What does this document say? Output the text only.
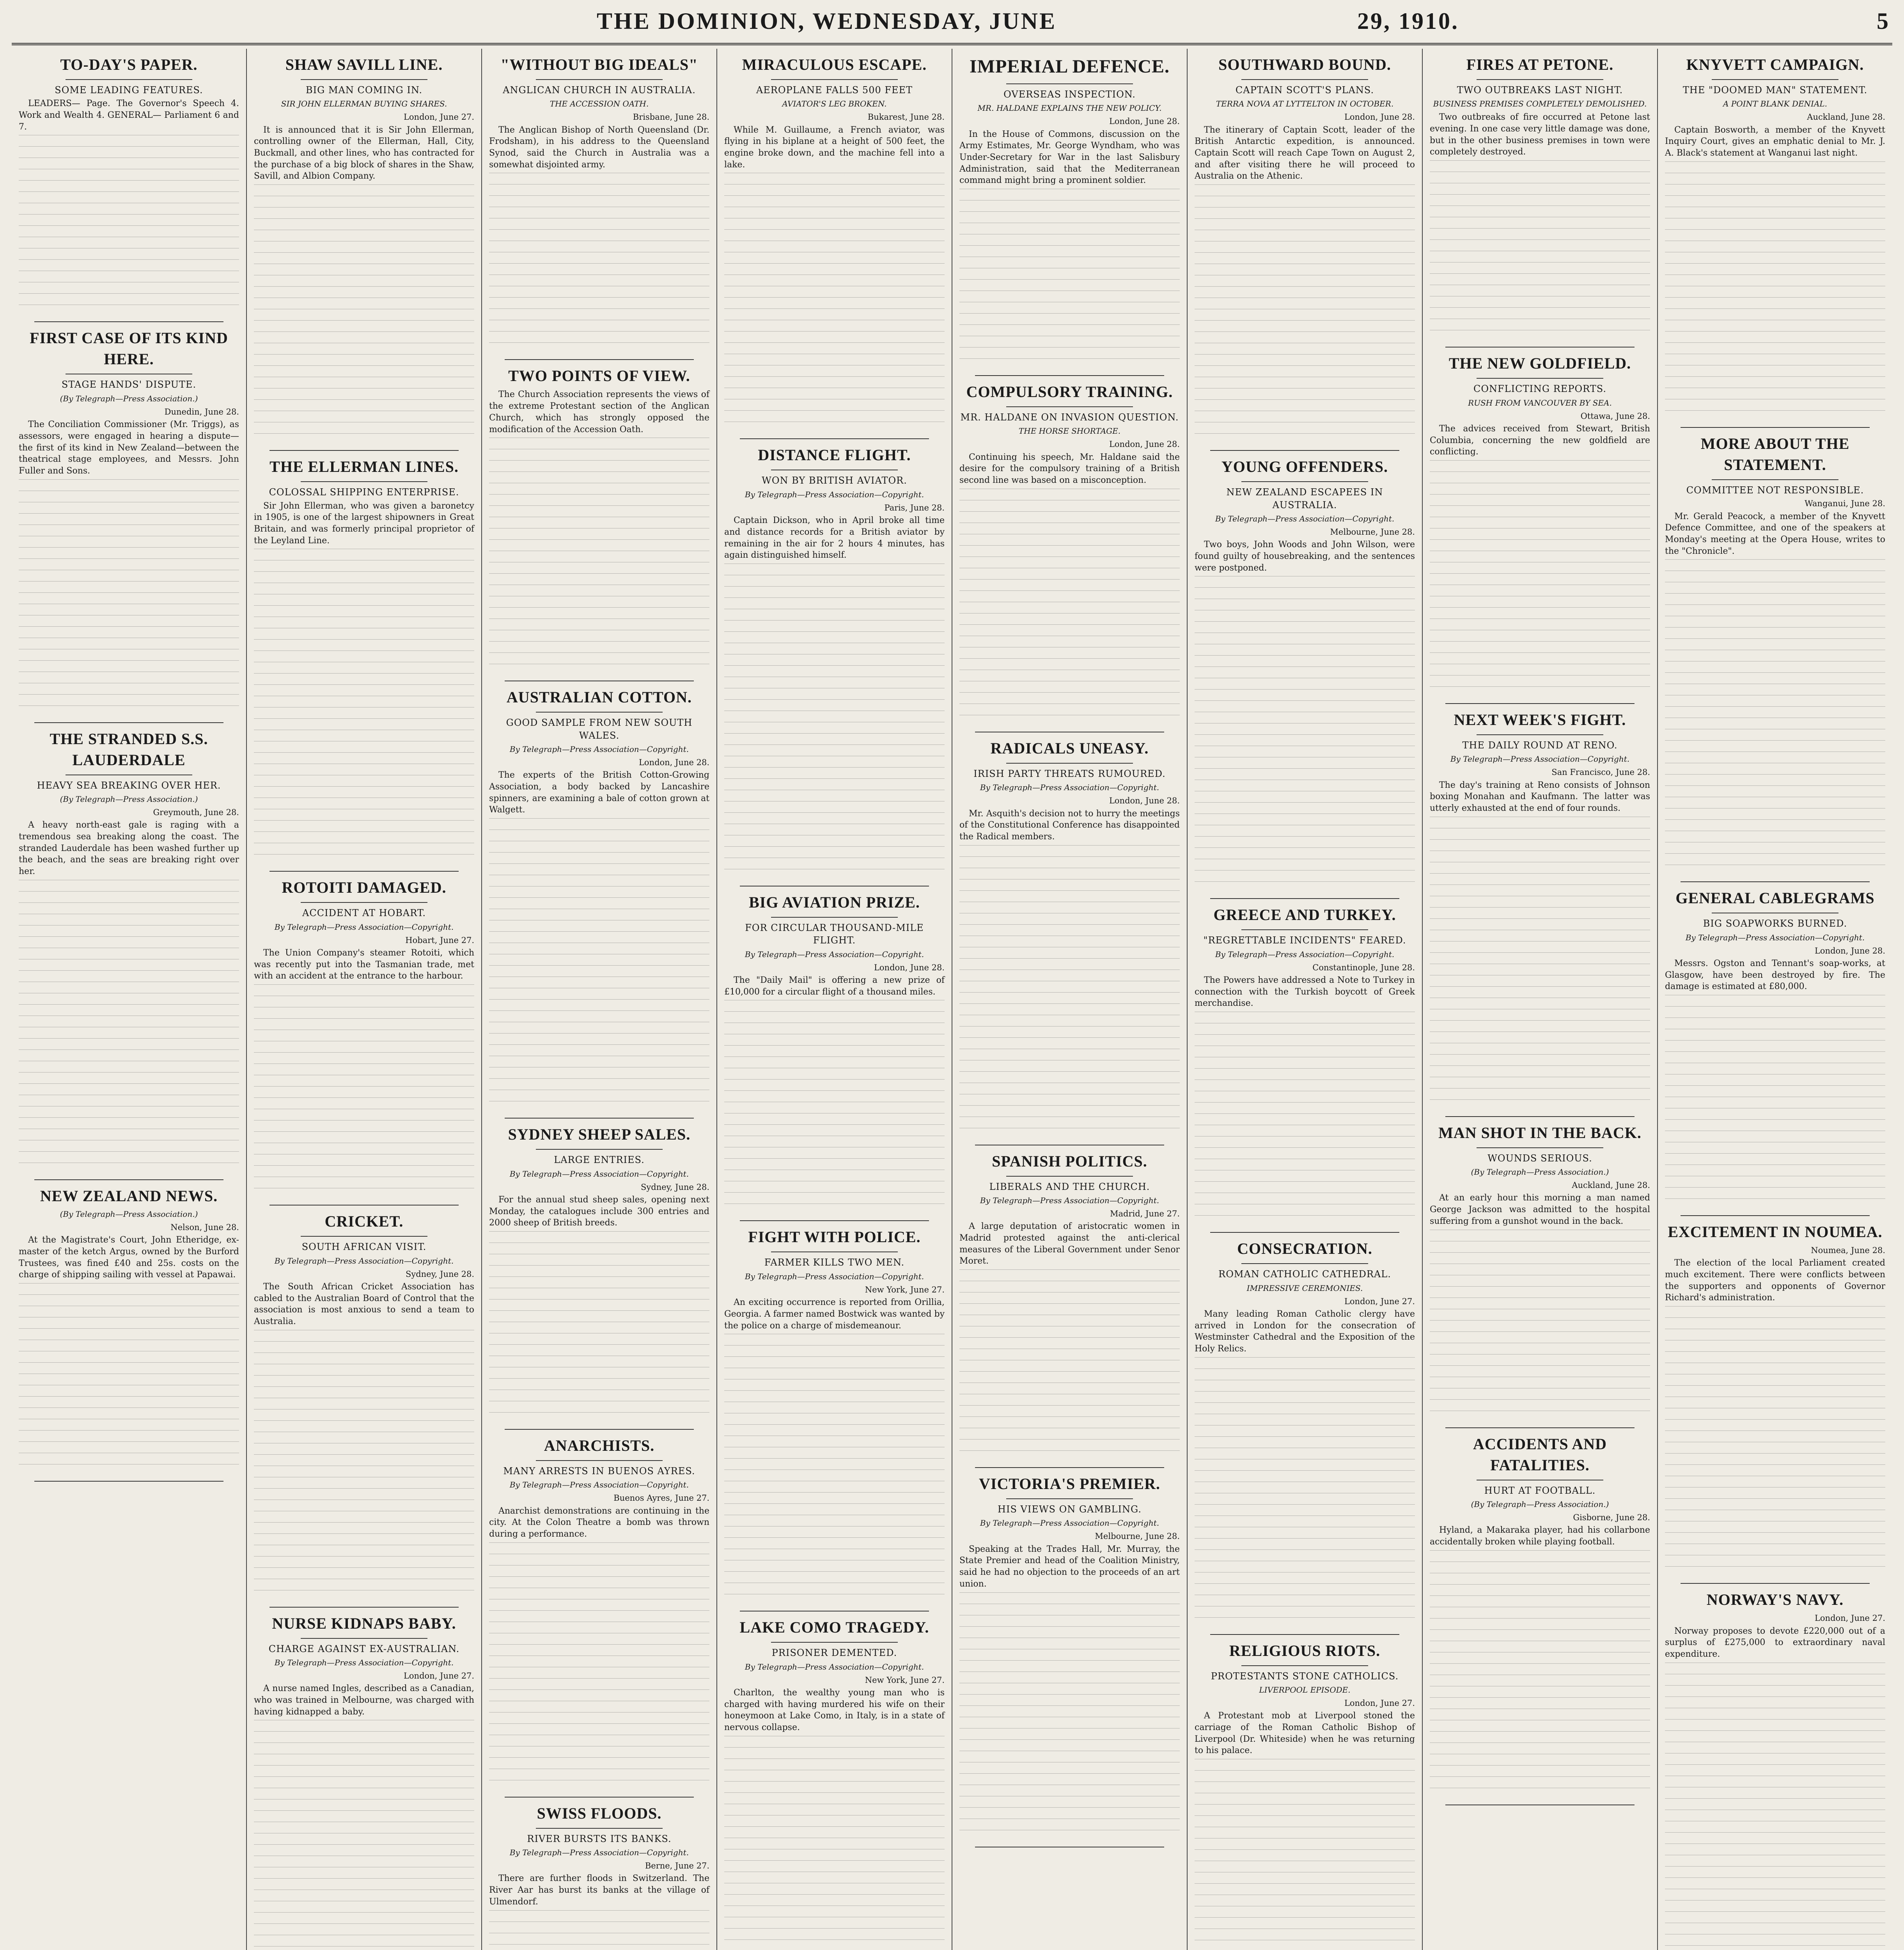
THE DOMINION, WEDNESDAY, JUNE	29, 1910.	5
TO-DAY'S PAPER.
SOME LEADING FEATURES.

LEADERS— Page. The Governor's Speech 4. Work and Wealth 4. GENERAL— Parliament 6 and 7.

FIRST CASE OF ITS KIND HERE.
STAGE HANDS' DISPUTE.
(By Telegraph—Press Association.)
Dunedin, June 28.

The Conciliation Commissioner (Mr. Triggs), as assessors, were engaged in hearing a dispute—the first of its kind in New Zealand—between the theatrical stage employees, and Messrs. John Fuller and Sons.

THE STRANDED S.S. LAUDERDALE
HEAVY SEA BREAKING OVER HER.
(By Telegraph—Press Association.)
Greymouth, June 28.

A heavy north-east gale is raging with a tremendous sea breaking along the coast. The stranded Lauderdale has been washed further up the beach, and the seas are breaking right over her.

NEW ZEALAND NEWS.
(By Telegraph—Press Association.)
Nelson, June 28.

At the Magistrate's Court, John Etheridge, ex-master of the ketch Argus, owned by the Burford Trustees, was fined £40 and 25s. costs on the charge of shipping sailing with vessel at Papawai.

SHAW SAVILL LINE.
BIG MAN COMING IN.
SIR JOHN ELLERMAN BUYING SHARES.
London, June 27.

It is announced that it is Sir John Ellerman, controlling owner of the Ellerman, Hall, City, Buckmall, and other lines, who has contracted for the purchase of a big block of shares in the Shaw, Savill, and Albion Company.

THE ELLERMAN LINES.
COLOSSAL SHIPPING ENTERPRISE.

Sir John Ellerman, who was given a baronetcy in 1905, is one of the largest shipowners in Great Britain, and was formerly principal proprietor of the Leyland Line.

ROTOITI DAMAGED.
ACCIDENT AT HOBART.
By Telegraph—Press Association—Copyright.
Hobart, June 27.

The Union Company's steamer Rotoiti, which was recently put into the Tasmanian trade, met with an accident at the entrance to the harbour.

CRICKET.
SOUTH AFRICAN VISIT.
By Telegraph—Press Association—Copyright.
Sydney, June 28.

The South African Cricket Association has cabled to the Australian Board of Control that the association is most anxious to send a team to Australia.

NURSE KIDNAPS BABY.
CHARGE AGAINST EX-AUSTRALIAN.
By Telegraph—Press Association—Copyright.
London, June 27.

A nurse named Ingles, described as a Canadian, who was trained in Melbourne, was charged with having kidnapped a baby.

"WITHOUT BIG IDEALS"
ANGLICAN CHURCH IN AUSTRALIA.
THE ACCESSION OATH.
Brisbane, June 28.

The Anglican Bishop of North Queensland (Dr. Frodsham), in his address to the Queensland Synod, said the Church in Australia was a somewhat disjointed army.

TWO POINTS OF VIEW.

The Church Association represents the views of the extreme Protestant section of the Anglican Church, which has strongly opposed the modification of the Accession Oath.

AUSTRALIAN COTTON.
GOOD SAMPLE FROM NEW SOUTH WALES.
By Telegraph—Press Association—Copyright.
London, June 28.

The experts of the British Cotton-Growing Association, a body backed by Lancashire spinners, are examining a bale of cotton grown at Walgett.

SYDNEY SHEEP SALES.
LARGE ENTRIES.
By Telegraph—Press Association—Copyright.
Sydney, June 28.

For the annual stud sheep sales, opening next Monday, the catalogues include 300 entries and 2000 sheep of British breeds.

ANARCHISTS.
MANY ARRESTS IN BUENOS AYRES.
By Telegraph—Press Association—Copyright.
Buenos Ayres, June 27.

Anarchist demonstrations are continuing in the city. At the Colon Theatre a bomb was thrown during a performance.

SWISS FLOODS.
RIVER BURSTS ITS BANKS.
By Telegraph—Press Association—Copyright.
Berne, June 27.

There are further floods in Switzerland. The River Aar has burst its banks at the village of Ulmendorf.

MIRACULOUS ESCAPE.
AEROPLANE FALLS 500 FEET
AVIATOR'S LEG BROKEN.
Bukarest, June 28.

While M. Guillaume, a French aviator, was flying in his biplane at a height of 500 feet, the engine broke down, and the machine fell into a lake.

DISTANCE FLIGHT.
WON BY BRITISH AVIATOR.
By Telegraph—Press Association—Copyright.
Paris, June 28.

Captain Dickson, who in April broke all time and distance records for a British aviator by remaining in the air for 2 hours 4 minutes, has again distinguished himself.

BIG AVIATION PRIZE.
FOR CIRCULAR THOUSAND-MILE FLIGHT.
By Telegraph—Press Association—Copyright.
London, June 28.

The "Daily Mail" is offering a new prize of £10,000 for a circular flight of a thousand miles.

FIGHT WITH POLICE.
FARMER KILLS TWO MEN.
By Telegraph—Press Association—Copyright.
New York, June 27.

An exciting occurrence is reported from Orillia, Georgia. A farmer named Bostwick was wanted by the police on a charge of misdemeanour.

LAKE COMO TRAGEDY.
PRISONER DEMENTED.
By Telegraph—Press Association—Copyright.
New York, June 27.

Charlton, the wealthy young man who is charged with having murdered his wife on their honeymoon at Lake Como, in Italy, is in a state of nervous collapse.

IMPERIAL DEFENCE.
OVERSEAS INSPECTION.
MR. HALDANE EXPLAINS THE NEW POLICY.
London, June 28.

In the House of Commons, discussion on the Army Estimates, Mr. George Wyndham, who was Under-Secretary for War in the last Salisbury Administration, said that the Mediterranean command might bring a prominent soldier.

COMPULSORY TRAINING.
MR. HALDANE ON INVASION QUESTION.
THE HORSE SHORTAGE.
London, June 28.

Continuing his speech, Mr. Haldane said the desire for the compulsory training of a British second line was based on a misconception.

RADICALS UNEASY.
IRISH PARTY THREATS RUMOURED.
By Telegraph—Press Association—Copyright.
London, June 28.

Mr. Asquith's decision not to hurry the meetings of the Constitutional Conference has disappointed the Radical members.

SPANISH POLITICS.
LIBERALS AND THE CHURCH.
By Telegraph—Press Association—Copyright.
Madrid, June 27.

A large deputation of aristocratic women in Madrid protested against the anti-clerical measures of the Liberal Government under Senor Moret.

VICTORIA'S PREMIER.
HIS VIEWS ON GAMBLING.
By Telegraph—Press Association—Copyright.
Melbourne, June 28.

Speaking at the Trades Hall, Mr. Murray, the State Premier and head of the Coalition Ministry, said he had no objection to the proceeds of an art union.

SOUTHWARD BOUND.
CAPTAIN SCOTT'S PLANS.
TERRA NOVA AT LYTTELTON IN OCTOBER.
London, June 28.

The itinerary of Captain Scott, leader of the British Antarctic expedition, is announced. Captain Scott will reach Cape Town on August 2, and after visiting there he will proceed to Australia on the Athenic.

YOUNG OFFENDERS.
NEW ZEALAND ESCAPEES IN AUSTRALIA.
By Telegraph—Press Association—Copyright.
Melbourne, June 28.

Two boys, John Woods and John Wilson, were found guilty of housebreaking, and the sentences were postponed.

GREECE AND TURKEY.
"REGRETTABLE INCIDENTS" FEARED.
By Telegraph—Press Association—Copyright.
Constantinople, June 28.

The Powers have addressed a Note to Turkey in connection with the Turkish boycott of Greek merchandise.

CONSECRATION.
ROMAN CATHOLIC CATHEDRAL.
IMPRESSIVE CEREMONIES.
London, June 27.

Many leading Roman Catholic clergy have arrived in London for the consecration of Westminster Cathedral and the Exposition of the Holy Relics.

RELIGIOUS RIOTS.
PROTESTANTS STONE CATHOLICS.
LIVERPOOL EPISODE.
London, June 27.

A Protestant mob at Liverpool stoned the carriage of the Roman Catholic Bishop of Liverpool (Dr. Whiteside) when he was returning to his palace.

FIRES AT PETONE.
TWO OUTBREAKS LAST NIGHT.
BUSINESS PREMISES COMPLETELY DEMOLISHED.

Two outbreaks of fire occurred at Petone last evening. In one case very little damage was done, but in the other business premises in town were completely destroyed.

THE NEW GOLDFIELD.
CONFLICTING REPORTS.
RUSH FROM VANCOUVER BY SEA.
Ottawa, June 28.

The advices received from Stewart, British Columbia, concerning the new goldfield are conflicting.

NEXT WEEK'S FIGHT.
THE DAILY ROUND AT RENO.
By Telegraph—Press Association—Copyright.
San Francisco, June 28.

The day's training at Reno consists of Johnson boxing Monahan and Kaufmann. The latter was utterly exhausted at the end of four rounds.

MAN SHOT IN THE BACK.
WOUNDS SERIOUS.
(By Telegraph—Press Association.)
Auckland, June 28.

At an early hour this morning a man named George Jackson was admitted to the hospital suffering from a gunshot wound in the back.

ACCIDENTS AND FATALITIES.
HURT AT FOOTBALL.
(By Telegraph—Press Association.)
Gisborne, June 28.

Hyland, a Makaraka player, had his collarbone accidentally broken while playing football.

KNYVETT CAMPAIGN.
THE "DOOMED MAN" STATEMENT.
A POINT BLANK DENIAL.
Auckland, June 28.

Captain Bosworth, a member of the Knyvett Inquiry Court, gives an emphatic denial to Mr. J. A. Black's statement at Wanganui last night.

MORE ABOUT THE STATEMENT.
COMMITTEE NOT RESPONSIBLE.
Wanganui, June 28.

Mr. Gerald Peacock, a member of the Knyvett Defence Committee, and one of the speakers at Monday's meeting at the Opera House, writes to the "Chronicle".

GENERAL CABLEGRAMS
BIG SOAPWORKS BURNED.
By Telegraph—Press Association—Copyright.
London, June 28.

Messrs. Ogston and Tennant's soap-works, at Glasgow, have been destroyed by fire. The damage is estimated at £80,000.

EXCITEMENT IN NOUMEA.
Noumea, June 28.

The election of the local Parliament created much excitement. There were conflicts between the supporters and opponents of Governor Richard's administration.

NORWAY'S NAVY.
London, June 27.

Norway proposes to devote £220,000 out of a surplus of £275,000 to extraordinary naval expenditure.
